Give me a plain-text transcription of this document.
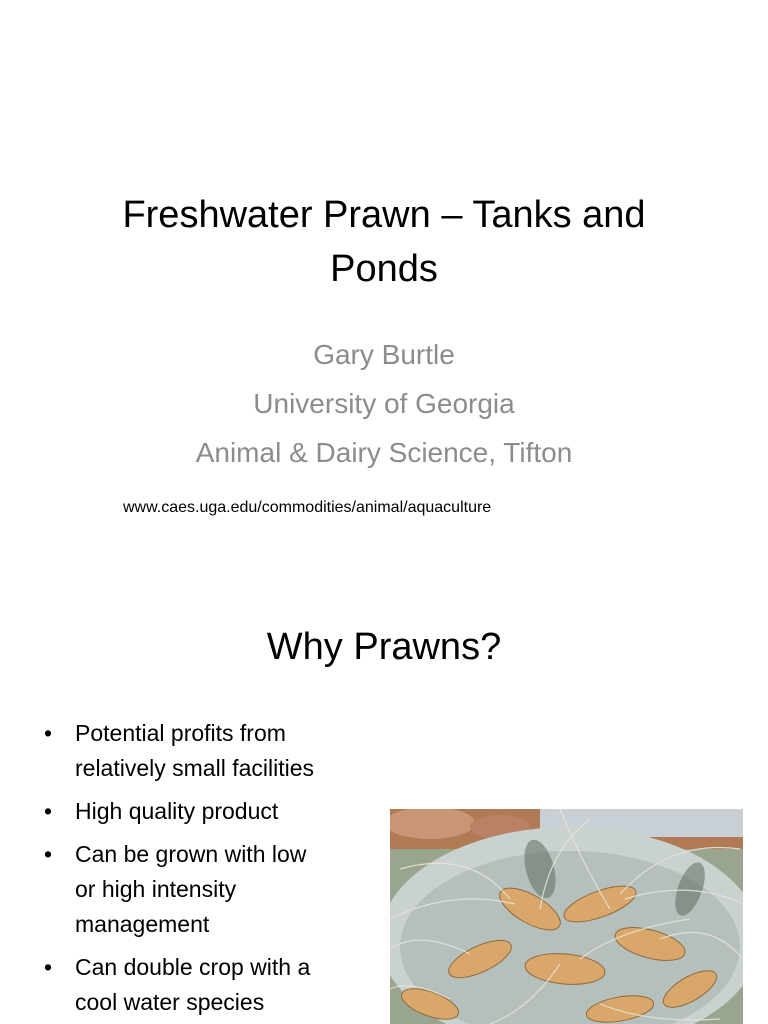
Freshwater Prawn – Tanks and
Ponds
Gary Burtle
University of Georgia
Animal & Dairy Science, Tifton
www.caes.uga.edu/commodities/animal/aquaculture
Why Prawns?
• Potential profits from
relatively small facilities
• High quality product
• Can be grown with low
or high intensity
management
• Can double crop with a
cool water species
